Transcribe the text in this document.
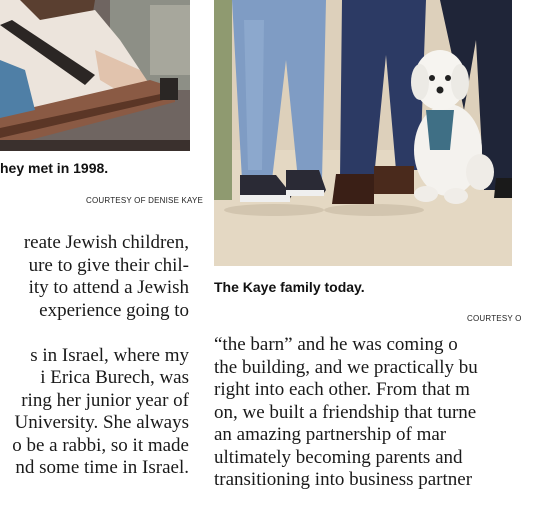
hey met in 1998.
COURTESY OF DENISE KAYE
reate Jewish children,
ure to give their chil-
ity to attend a Jewish
experience going to
s in Israel, where my
i Erica Burech, was
ring her junior year of
University. She always
o be a rabbi, so it made
nd some time in Israel.
The Kaye family today.
COURTESY O
“the barn” and he was coming o
the building, and we practically bu
right into each other. From that m
on, we built a friendship that turne
an amazing partnership of mar
ultimately becoming parents and
transitioning into business partner
